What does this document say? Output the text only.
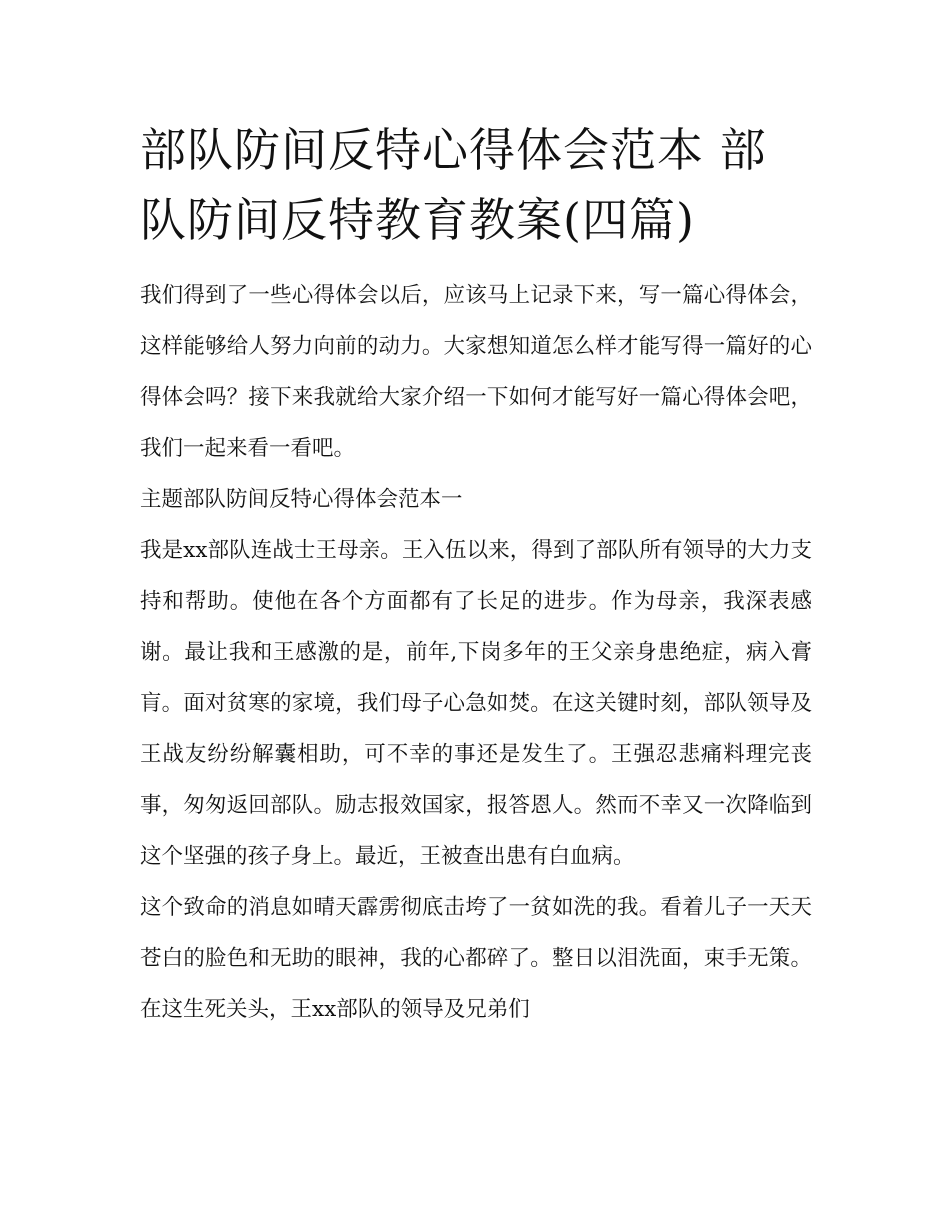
部队防间反特心得体会范本 部队防间反特教育教案(四篇)

我们得到了一些心得体会以后，应该马上记录下来，写一篇心得体会，这样能够给人努力向前的动力。大家想知道怎么样才能写得一篇好的心得体会吗？接下来我就给大家介绍一下如何才能写好一篇心得体会吧，我们一起来看一看吧。

主题部队防间反特心得体会范本一

我是xx部队连战士王母亲。王入伍以来，得到了部队所有领导的大力支持和帮助。使他在各个方面都有了长足的进步。作为母亲，我深表感谢。最让我和王感激的是，前年,下岗多年的王父亲身患绝症，病入膏肓。面对贫寒的家境，我们母子心急如焚。在这关键时刻，部队领导及王战友纷纷解囊相助，可不幸的事还是发生了。王强忍悲痛料理完丧事，匆匆返回部队。励志报效国家，报答恩人。然而不幸又一次降临到这个坚强的孩子身上。最近，王被查出患有白血病。

这个致命的消息如晴天霹雳彻底击垮了一贫如洗的我。看着儿子一天天苍白的脸色和无助的眼神，我的心都碎了。整日以泪洗面，束手无策。在这生死关头，王xx部队的领导及兄弟们
